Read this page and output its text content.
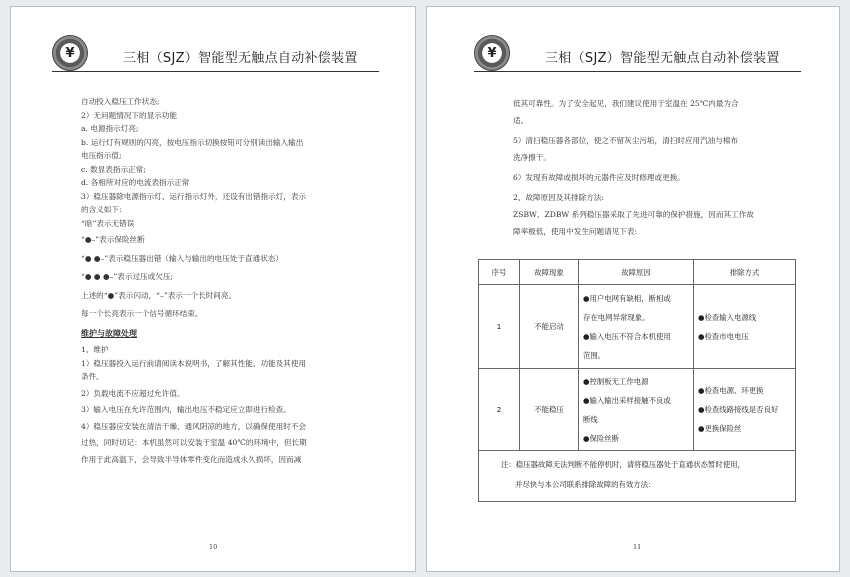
¥	三相（SJZ）智能型无触点自动补偿装置
自动投入稳压工作状态;
2）无问题情况下的显示功能
a. 电源指示灯亮;
b. 运行灯有规则的闪亮，按电压指示切换按钮可分别读出输入输出
电压指示值;
c. 数显表指示正常;
d. 各相所对应的电流表指示正常
3）稳压器除电源指示灯、运行指示灯外，还设有出错指示灯，表示
的含义如下:
“暗”表示无错误
“●–”表示保险丝断
“● ●–”表示稳压器出错（输入与输出的电压处于直通状态）
“● ● ●–”表示过压或欠压;
上述的“●”表示闪动，“–”表示一个长时间亮。
每一个长亮表示一个信号循环结束。
维护与故障处理
1、维护
1）稳压器投入运行前请阅读本说明书，了解其性能、功能及其使用
条件。
2）负载电流不应超过允许值。
3）输入电压在允许范围内，输出电压不稳定应立即进行检查。
4）稳压器应安装在清洁干燥、通风阴凉的地方，以确保使用时不会
过热，同时切记：本机虽然可以安装于室温 40℃的环境中，但长期
作用于此高温下，会导致半导体零件变化而造成永久损坏，因而减
10
¥	三相（SJZ）智能型无触点自动补偿装置
低其可靠性。为了安全起见，我们建议使用于室温在 25℃内最为合
适。
5）清扫稳压器各部位，使之不留灰尘污垢，清扫时应用汽油与棉布
洗净擦干。
6）发现有故障或损坏的元器件应及时修理或更换。
2、故障原因及其排除方法:
ZSBW、ZDBW 系列稳压器采取了先进可靠的保护措施，因而其工作故
障率极低，使用中发生问题请见下表:
序号	故障现象	故障原因	排除方式
1	不能启动	●用户电网有缺相，断相或
存在电网异常现象。
●输入电压不符合本机使用
范围。	●检查输入电源线
●检查市电电压

2	不能稳压	●控制板无工作电源
●输入输出采样接触不良或
断线
●保险丝断	●检查电源、环更换
●检查线路接线是否良好
●更换保险丝

注：稳压器故障无法判断不能停机时，请将稳压器处于直通状态暂时使用，
并尽快与本公司联系排除故障的有效方法：			
11
